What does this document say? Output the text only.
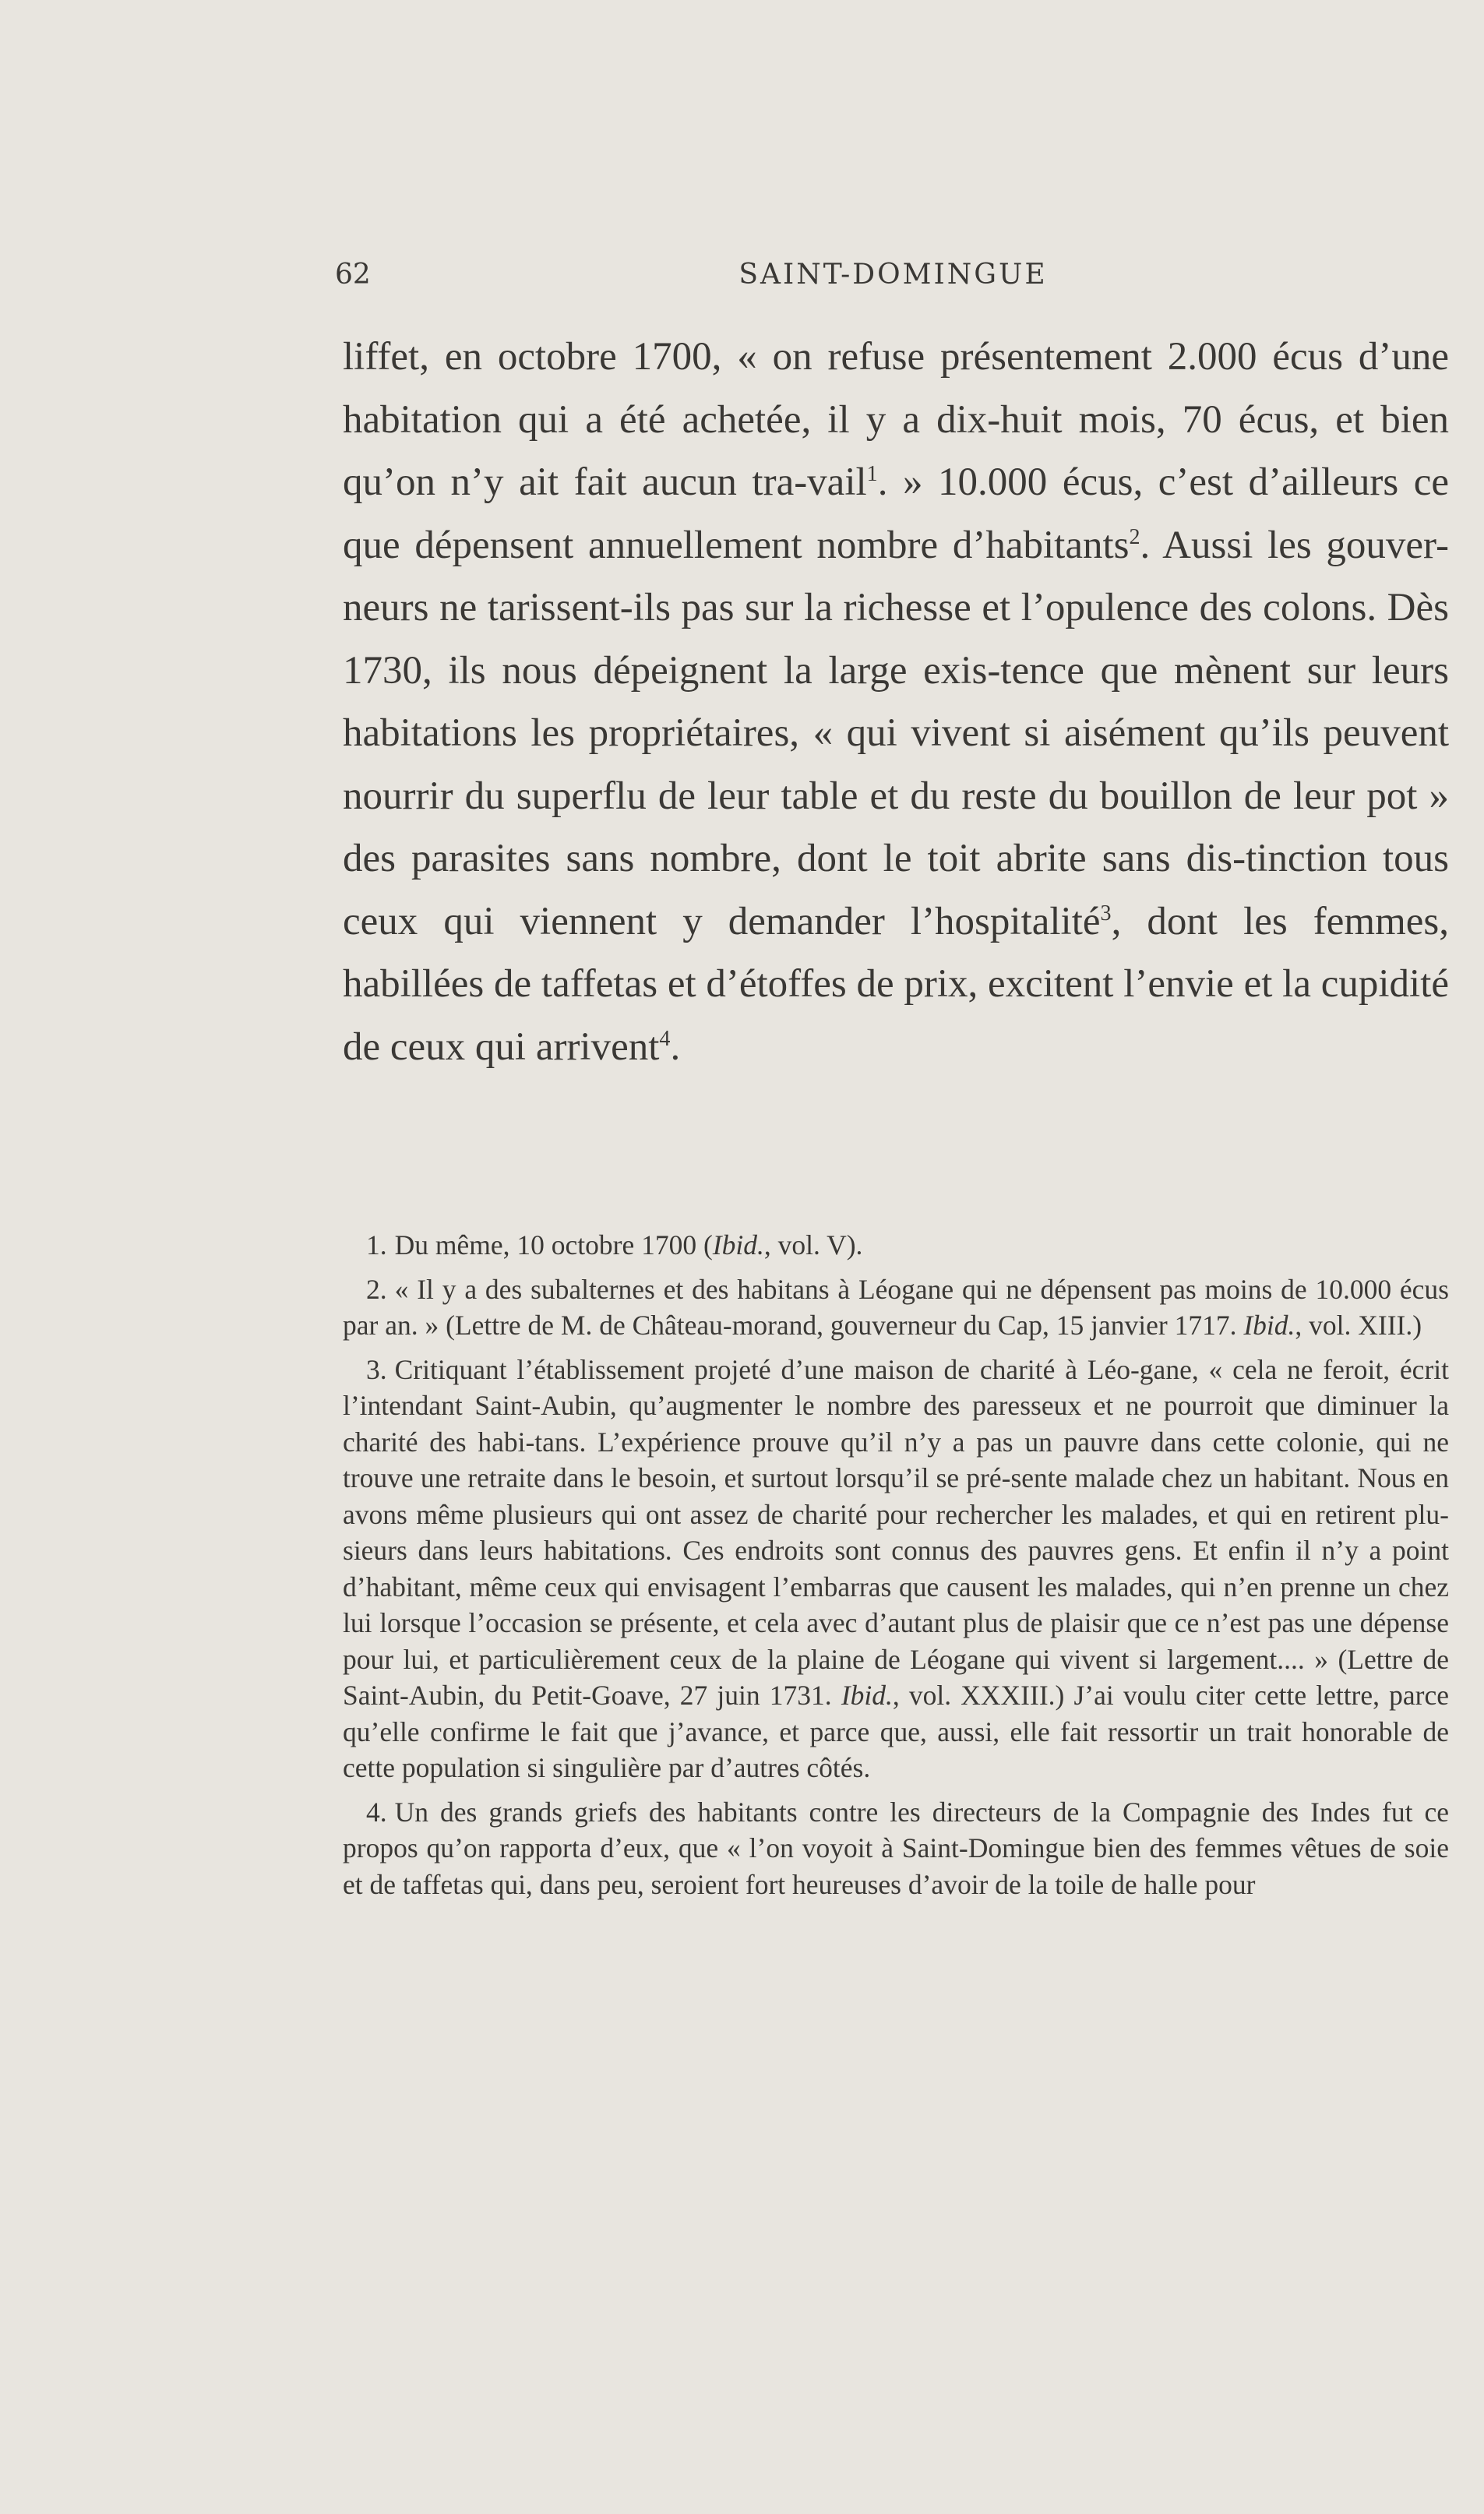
62	SAINT-DOMINGUE

liffet, en octobre 1700, « on refuse présentement 2.000 écus d’une habitation qui a été achetée, il y a dix-huit mois, 70 écus, et bien qu’on n’y ait fait aucun tra-vail$^1$. » 10.000 écus, c’est d’ailleurs ce que dépensent annuellement nombre d’habitants$^2$. Aussi les gouver-neurs ne tarissent-ils pas sur la richesse et l’opulence des colons. Dès 1730, ils nous dépeignent la large exis-tence que mènent sur leurs habitations les propriétaires, « qui vivent si aisément qu’ils peuvent nourrir du superflu de leur table et du reste du bouillon de leur pot » des parasites sans nombre, dont le toit abrite sans dis-tinction tous ceux qui viennent y demander l’hospitalité$^3$, dont les femmes, habillées de taffetas et d’étoffes de prix, excitent l’envie et la cupidité de ceux qui arrivent$^4$.

1. Du même, 10 octobre 1700 (Ibid., vol. V).

2. « Il y a des subalternes et des habitans à Léogane qui ne dépensent pas moins de 10.000 écus par an. » (Lettre de M. de Château-morand, gouverneur du Cap, 15 janvier 1717. Ibid., vol. XIII.)

3. Critiquant l’établissement projeté d’une maison de charité à Léo-gane, « cela ne feroit, écrit l’intendant Saint-Aubin, qu’augmenter le nombre des paresseux et ne pourroit que diminuer la charité des habi-tans. L’expérience prouve qu’il n’y a pas un pauvre dans cette colonie, qui ne trouve une retraite dans le besoin, et surtout lorsqu’il se pré-sente malade chez un habitant. Nous en avons même plusieurs qui ont assez de charité pour rechercher les malades, et qui en retirent plu-sieurs dans leurs habitations. Ces endroits sont connus des pauvres gens. Et enfin il n’y a point d’habitant, même ceux qui envisagent l’embarras que causent les malades, qui n’en prenne un chez lui lorsque l’occasion se présente, et cela avec d’autant plus de plaisir que ce n’est pas une dépense pour lui, et particulièrement ceux de la plaine de Léogane qui vivent si largement.... » (Lettre de Saint-Aubin, du Petit-Goave, 27 juin 1731. Ibid., vol. XXXIII.) J’ai voulu citer cette lettre, parce qu’elle confirme le fait que j’avance, et parce que, aussi, elle fait ressortir un trait honorable de cette population si singulière par d’autres côtés.

4. Un des grands griefs des habitants contre les directeurs de la Compagnie des Indes fut ce propos qu’on rapporta d’eux, que « l’on voyoit à Saint-Domingue bien des femmes vêtues de soie et de taffetas qui, dans peu, seroient fort heureuses d’avoir de la toile de halle pour
